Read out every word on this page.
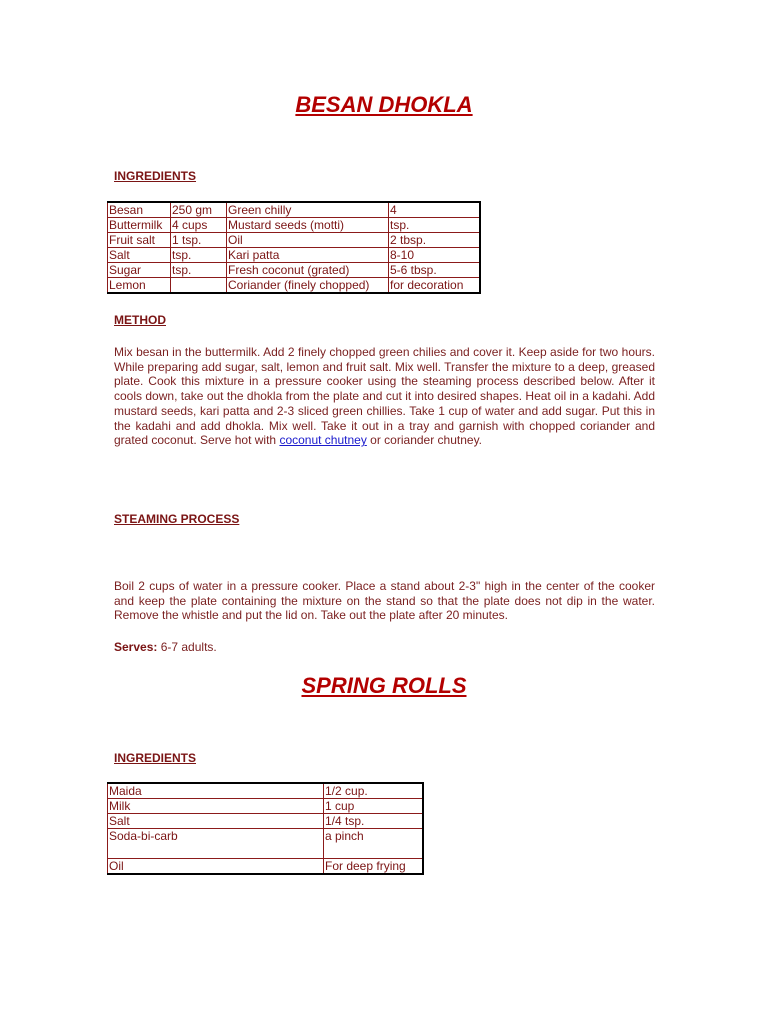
BESAN DHOKLA

INGREDIENTS

Besan	250 gm	Green chilly	4
Buttermilk	4 cups	Mustard seeds (motti)	tsp.
Fruit salt	1 tsp.	Oil	2 tbsp.
Salt	tsp.	Kari patta	8-10
Sugar	tsp.	Fresh coconut (grated)	5-6 tbsp.
Lemon		Coriander (finely chopped)	for decoration

METHOD

Mix besan in the buttermilk. Add 2 finely chopped green chilies and cover it. Keep aside for two hours. While preparing add sugar, salt, lemon and fruit salt. Mix well. Transfer the mixture to a deep, greased plate. Cook this mixture in a pressure cooker using the steaming process described below. After it cools down, take out the dhokla from the plate and cut it into desired shapes. Heat oil in a kadahi. Add mustard seeds, kari patta and 2-3 sliced green chillies. Take 1 cup of water and add sugar. Put this in the kadahi and add dhokla. Mix well. Take it out in a tray and garnish with chopped coriander and grated coconut. Serve hot with coconut chutney or coriander chutney.

STEAMING PROCESS

Boil 2 cups of water in a pressure cooker. Place a stand about 2-3" high in the center of the cooker and keep the plate containing the mixture on the stand so that the plate does not dip in the water. Remove the whistle and put the lid on. Take out the plate after 20 minutes.

Serves: 6-7 adults.

SPRING ROLLS

INGREDIENTS

Maida	1/2 cup.
Milk	1 cup
Salt	1/4 tsp.
Soda-bi-carb	a pinch
Oil	For deep frying
